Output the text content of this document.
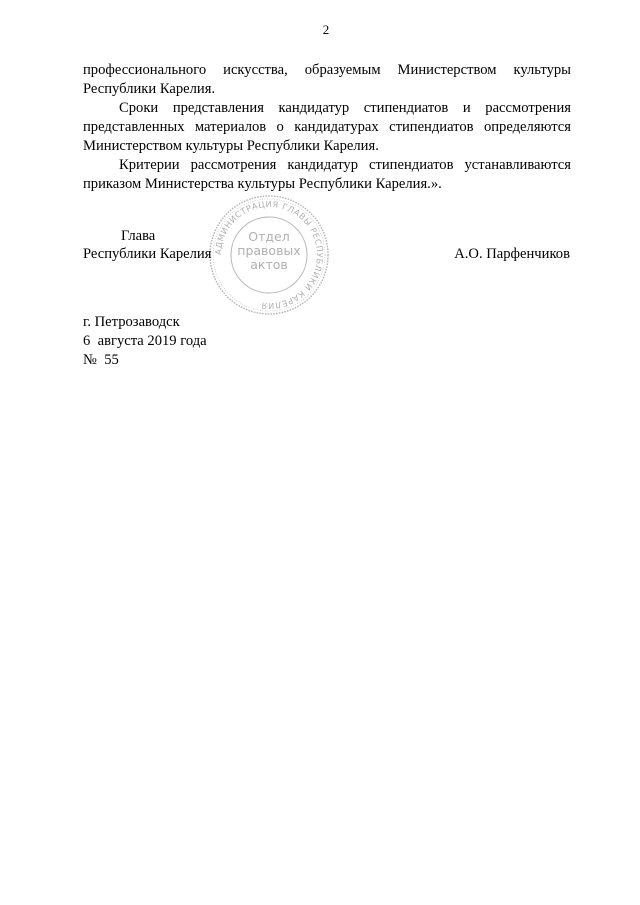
2

профессионального искусства, образуемым Министерством культуры Республики Карелия.

Сроки представления кандидатур стипендиатов и рассмотрения представленных материалов о кандидатурах стипендиатов определяются Министерством культуры Республики Карелия.

Критерии рассмотрения кандидатур стипендиатов устанавливаются приказом Министерства культуры Республики Карелия.».

АДМИНИСТРАЦИЯ ГЛАВЫ РЕСПУБЛИКИ КАРЕЛИЯ
Отдел
правовых
актов
Глава
Республики Карелия	А.О. Парфенчиков
г. Петрозаводск
6  августа 2019 года
№  55
